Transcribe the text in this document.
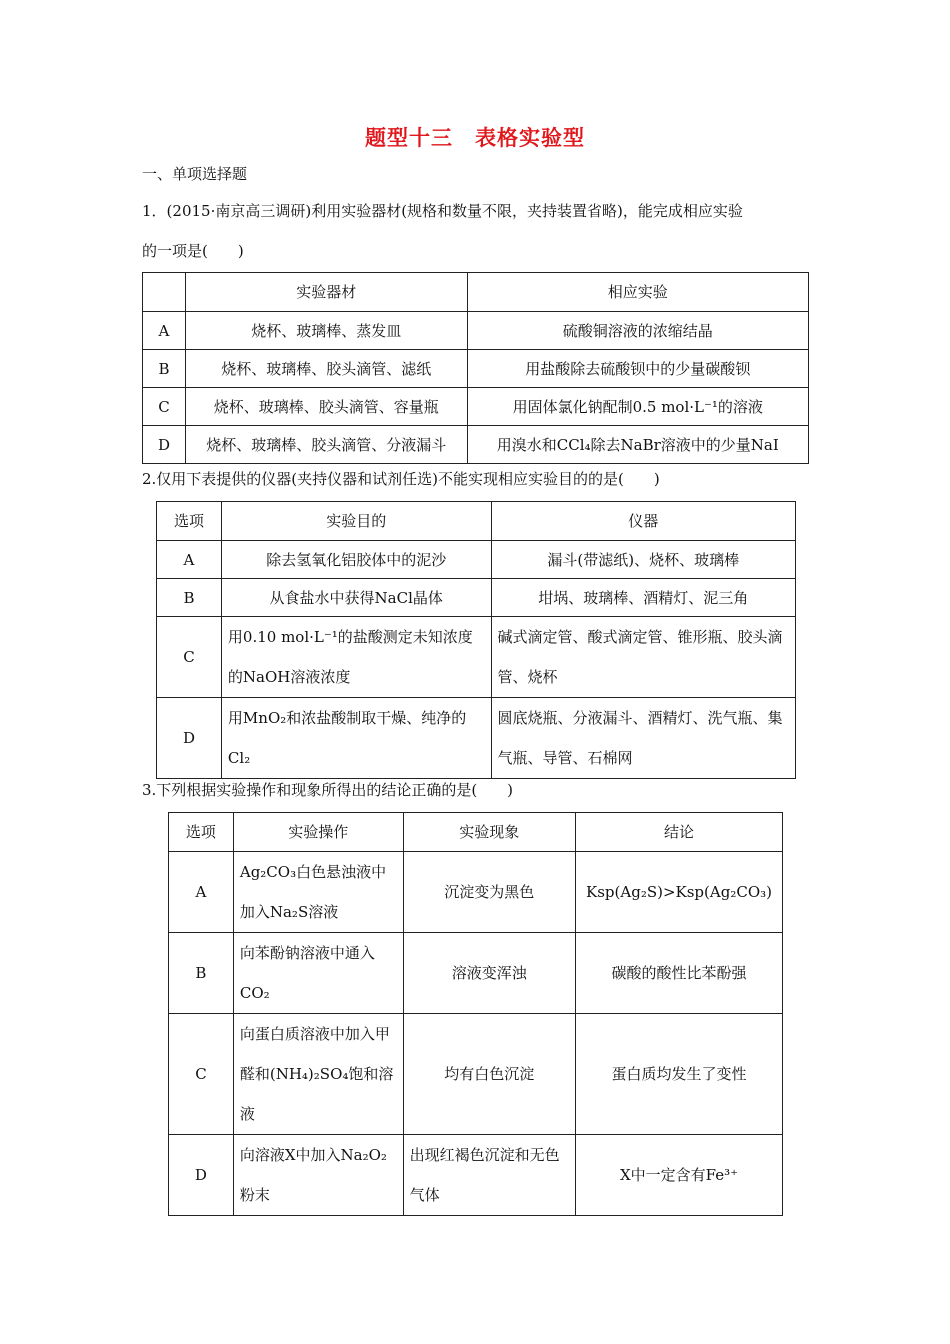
题型十三　表格实验型
一、单项选择题
1．(2015·南京高三调研)利用实验器材(规格和数量不限，夹持装置省略)，能完成相应实验
的一项是(　　)
	实验器材	相应实验
A	烧杯、玻璃棒、蒸发皿	硫酸铜溶液的浓缩结晶
B	烧杯、玻璃棒、胶头滴管、滤纸	用盐酸除去硫酸钡中的少量碳酸钡
C	烧杯、玻璃棒、胶头滴管、容量瓶	用固体氯化钠配制0.5 mol·L⁻¹的溶液
D	烧杯、玻璃棒、胶头滴管、分液漏斗	用溴水和CCl₄除去NaBr溶液中的少量NaI
2.仅用下表提供的仪器(夹持仪器和试剂任选)不能实现相应实验目的的是(　　)
选项	实验目的	仪器
A	除去氢氧化铝胶体中的泥沙	漏斗(带滤纸)、烧杯、玻璃棒
B	从食盐水中获得NaCl晶体	坩埚、玻璃棒、酒精灯、泥三角
C	用0.10 mol·L⁻¹的盐酸测定未知浓度的NaOH溶液浓度	碱式滴定管、酸式滴定管、锥形瓶、胶头滴管、烧杯
D	用MnO₂和浓盐酸制取干燥、纯净的Cl₂	圆底烧瓶、分液漏斗、酒精灯、洗气瓶、集气瓶、导管、石棉网
3.下列根据实验操作和现象所得出的结论正确的是(　　)
选项	实验操作	实验现象	结论
A	Ag₂CO₃白色悬浊液中加入Na₂S溶液	沉淀变为黑色	Ksp(Ag₂S)>Ksp(Ag₂CO₃)
B	向苯酚钠溶液中通入CO₂	溶液变浑浊	碳酸的酸性比苯酚强
C	向蛋白质溶液中加入甲醛和(NH₄)₂SO₄饱和溶液	均有白色沉淀	蛋白质均发生了变性
D	向溶液X中加入Na₂O₂粉末	出现红褐色沉淀和无色气体	X中一定含有Fe³⁺
